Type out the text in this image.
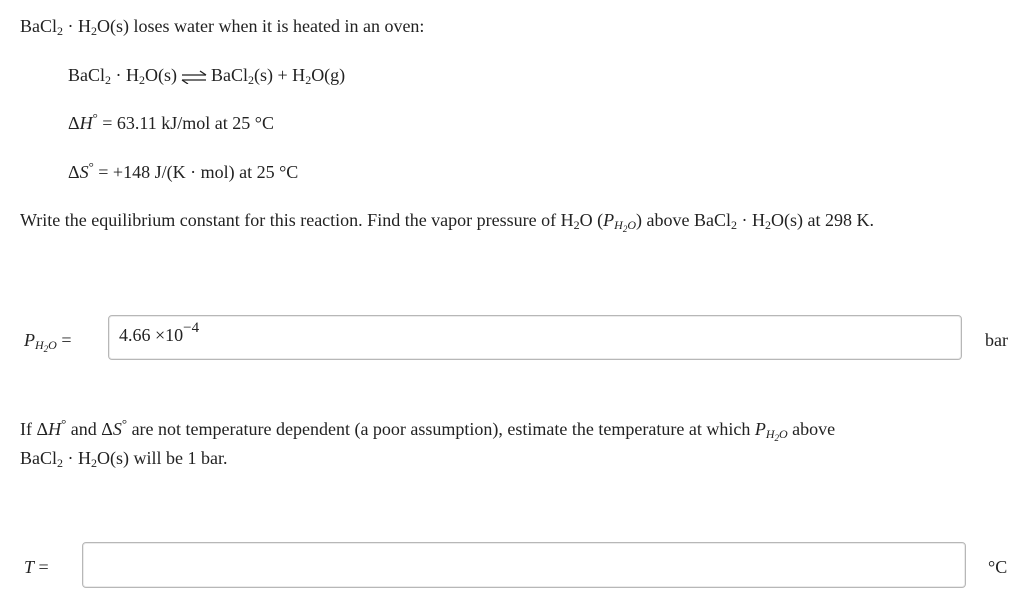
BaCl$_2$ · $H_2O(s)$ loses water when it is heated in an oven:
BaCl$_2$ · $H_2O(s)$ ⇌ BaCl$_2$(s) + $H_2O(g)$
ΔH° = 63.11 kJ/mol at 25 °C
ΔS° = +148 J/(K · mol) at 25 °C
Write the equilibrium constant for this reaction. Find the vapor pressure of $H_2O$ $(P_{H_2O})$ above BaCl$_2$ · $H_2O(s)$ at 298 K.
$P_{H_2O}$ =	$4.66 \times 10^{-4}$
bar
If ΔH° and ΔS° are not temperature dependent (a poor assumption), estimate the temperature at which $P_{H_2O}$ above
BaCl$_2$ · $H_2O(s)$ will be 1 bar.
T =	°C
